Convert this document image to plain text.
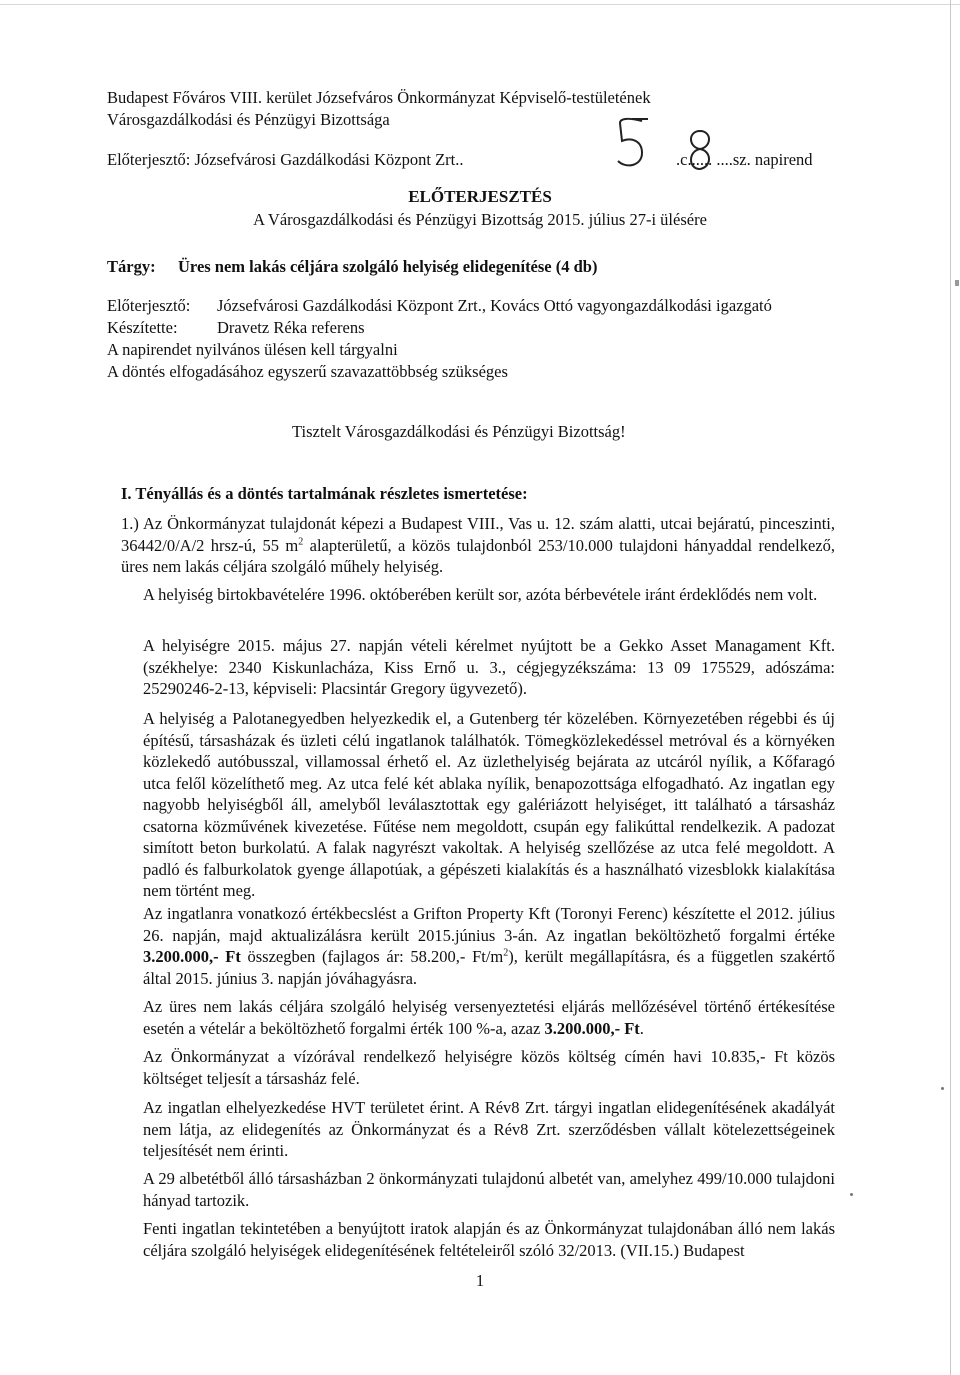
Budapest Főváros VIII. kerület Józsefváros Önkormányzat Képviselő-testületének
Városgazdálkodási és Pénzügyi Bizottsága
Előterjesztő: Józsefvárosi Gazdálkodási Központ Zrt..	.c...... ....sz. napirend
ELŐTERJESZTÉS
A Városgazdálkodási és Pénzügyi Bizottság 2015. július 27-i ülésére
Tárgy: Üres nem lakás céljára szolgáló helyiség elidegenítése (4 db)
Előterjesztő: Józsefvárosi Gazdálkodási Központ Zrt., Kovács Ottó vagyongazdálkodási igazgató
Készítette: Dravetz Réka referens
A napirendet nyilvános ülésen kell tárgyalni
A döntés elfogadásához egyszerű szavazattöbbség szükséges
Tisztelt Városgazdálkodási és Pénzügyi Bizottság!
I. Tényállás és a döntés tartalmának részletes ismertetése:
1.) Az Önkormányzat tulajdonát képezi a Budapest VIII., Vas u. 12. szám alatti, utcai bejáratú, pinceszinti, 36442/0/A/2 hrsz-ú, 55 $m^2$ alapterületű, a közös tulajdonból 253/10.000 tulajdoni hányaddal rendelkező, üres nem lakás céljára szolgáló műhely helyiség.
A helyiség birtokbavételére 1996. októberében került sor, azóta bérbevétele iránt érdeklődés nem volt.
A helyiségre 2015. május 27. napján vételi kérelmet nyújtott be a Gekko Asset Managament Kft. (székhelye: 2340 Kiskunlacháza, Kiss Ernő u. 3., cégjegyzékszáma: 13 09 175529, adószáma: 25290246-2-13, képviseli: Placsintár Gregory ügyvezető).
A helyiség a Palotanegyedben helyezkedik el, a Gutenberg tér közelében. Környezetében régebbi és új építésű, társasházak és üzleti célú ingatlanok találhatók. Tömegközlekedéssel metróval és a környéken közlekedő autóbusszal, villamossal érhető el. Az üzlethelyiség bejárata az utcáról nyílik, a Kőfaragó utca felől közelíthető meg. Az utca felé két ablaka nyílik, benapozottsága elfogadható. Az ingatlan egy nagyobb helyiségből áll, amelyből leválasztottak egy galériázott helyiséget, itt található a társasház csatorna közművének kivezetése. Fűtése nem megoldott, csupán egy falikúttal rendelkezik. A padozat simított beton burkolatú. A falak nagyrészt vakoltak. A helyiség szellőzése az utca felé megoldott. A padló és falburkolatok gyenge állapotúak, a gépészeti kialakítás és a használható vizesblokk kialakítása nem történt meg.
Az ingatlanra vonatkozó értékbecslést a Grifton Property Kft (Toronyi Ferenc) készítette el 2012. július 26. napján, majd aktualizálásra került 2015.június 3-án. Az ingatlan beköltözhető forgalmi értéke 3.200.000,- Ft összegben (fajlagos ár: 58.200,- $Ft/m^2$), került megállapításra, és a független szakértő által 2015. június 3. napján jóváhagyásra.
Az üres nem lakás céljára szolgáló helyiség versenyeztetési eljárás mellőzésével történő értékesítése esetén a vételár a beköltözhető forgalmi érték 100 %-a, azaz 3.200.000,- Ft.
Az Önkormányzat a vízórával rendelkező helyiségre közös költség címén havi 10.835,- Ft közös költséget teljesít a társasház felé.
Az ingatlan elhelyezkedése HVT területet érint. A Rév8 Zrt. tárgyi ingatlan elidegenítésének akadályát nem látja, az elidegenítés az Önkormányzat és a Rév8 Zrt. szerződésben vállalt kötelezettségeinek teljesítését nem érinti.
A 29 albetétből álló társasházban 2 önkormányzati tulajdonú albetét van, amelyhez 499/10.000 tulajdoni hányad tartozik.
Fenti ingatlan tekintetében a benyújtott iratok alapján és az Önkormányzat tulajdonában álló nem lakás céljára szolgáló helyiségek elidegenítésének feltételeiről szóló 32/2013. (VII.15.) Budapest
1
